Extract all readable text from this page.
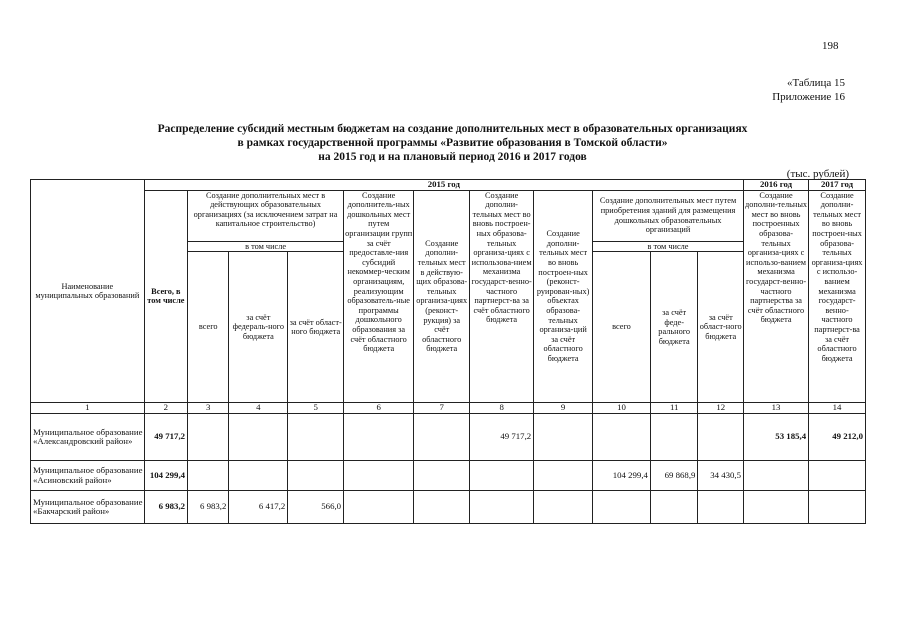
198
«Таблица 15
Приложение 16
Распределение субсидий местным бюджетам на создание дополнительных мест в образовательных организациях
в рамках государственной программы «Развитие образования в Томской области»
на 2015 год и на плановый период 2016 и 2017 годов
(тыс. рублей)
Наименование муниципальных образований	2015 год											2016 год	2017 год
	Всего, в том числе	Создание дополнительных мест в действующих образовательных организациях (за исключением затрат на капитальное строительство)			Создание дополнитель-ных дошкольных мест путем организации групп за счёт предоставле-ния субсидий некоммер-ческим организациям, реализующим образователь-ные программы дошкольного образования за счёт областного бюджета	Создание дополни-тельных мест в действую-щих образова-тельных организа-циях (реконст-рукция) за счёт областного бюджета	Создание дополни-тельных мест во вновь построен-ных образова-тельных организа-циях с использова-нием механизма государст-венно-частного партнерст-ва за счёт областного бюджета	Создание дополни-тельных мест во вновь построен-ных (реконст-руирован-ных) объектах образова-тельных организа-ций за счёт областного бюджета	Создание дополнительных мест путем приобретения зданий для размещения дошкольных образовательных организаций			Создание дополни-тельных мест во вновь построенных образова-тельных организа-циях с использо-ванием механизма государст-венно-частного партнерства за счёт областного бюджета	Создание дополни-тельных мест во вновь построен-ных образова-тельных организа-циях с использо-ванием механизма государст-венно-частного партнерст-ва за счёт областного бюджета
		в том числе							в том числе				
		всего	за счёт федераль-ного бюджета	за счёт област-ного бюджета					всего	за счёт феде-рального бюджета	за счёт област-ного бюджета		
1	2	3	4	5	6	7	8	9	10	11	12	13	14
Муниципальное образование «Александровский район»	49 717,2						49 717,2					53 185,4	49 212,0
Муниципальное образование «Асиновский район»	104 299,4								104 299,4	69 868,9	34 430,5		
Муниципальное образование «Бакчарский район»	6 983,2	6 983,2	6 417,2	566,0									
